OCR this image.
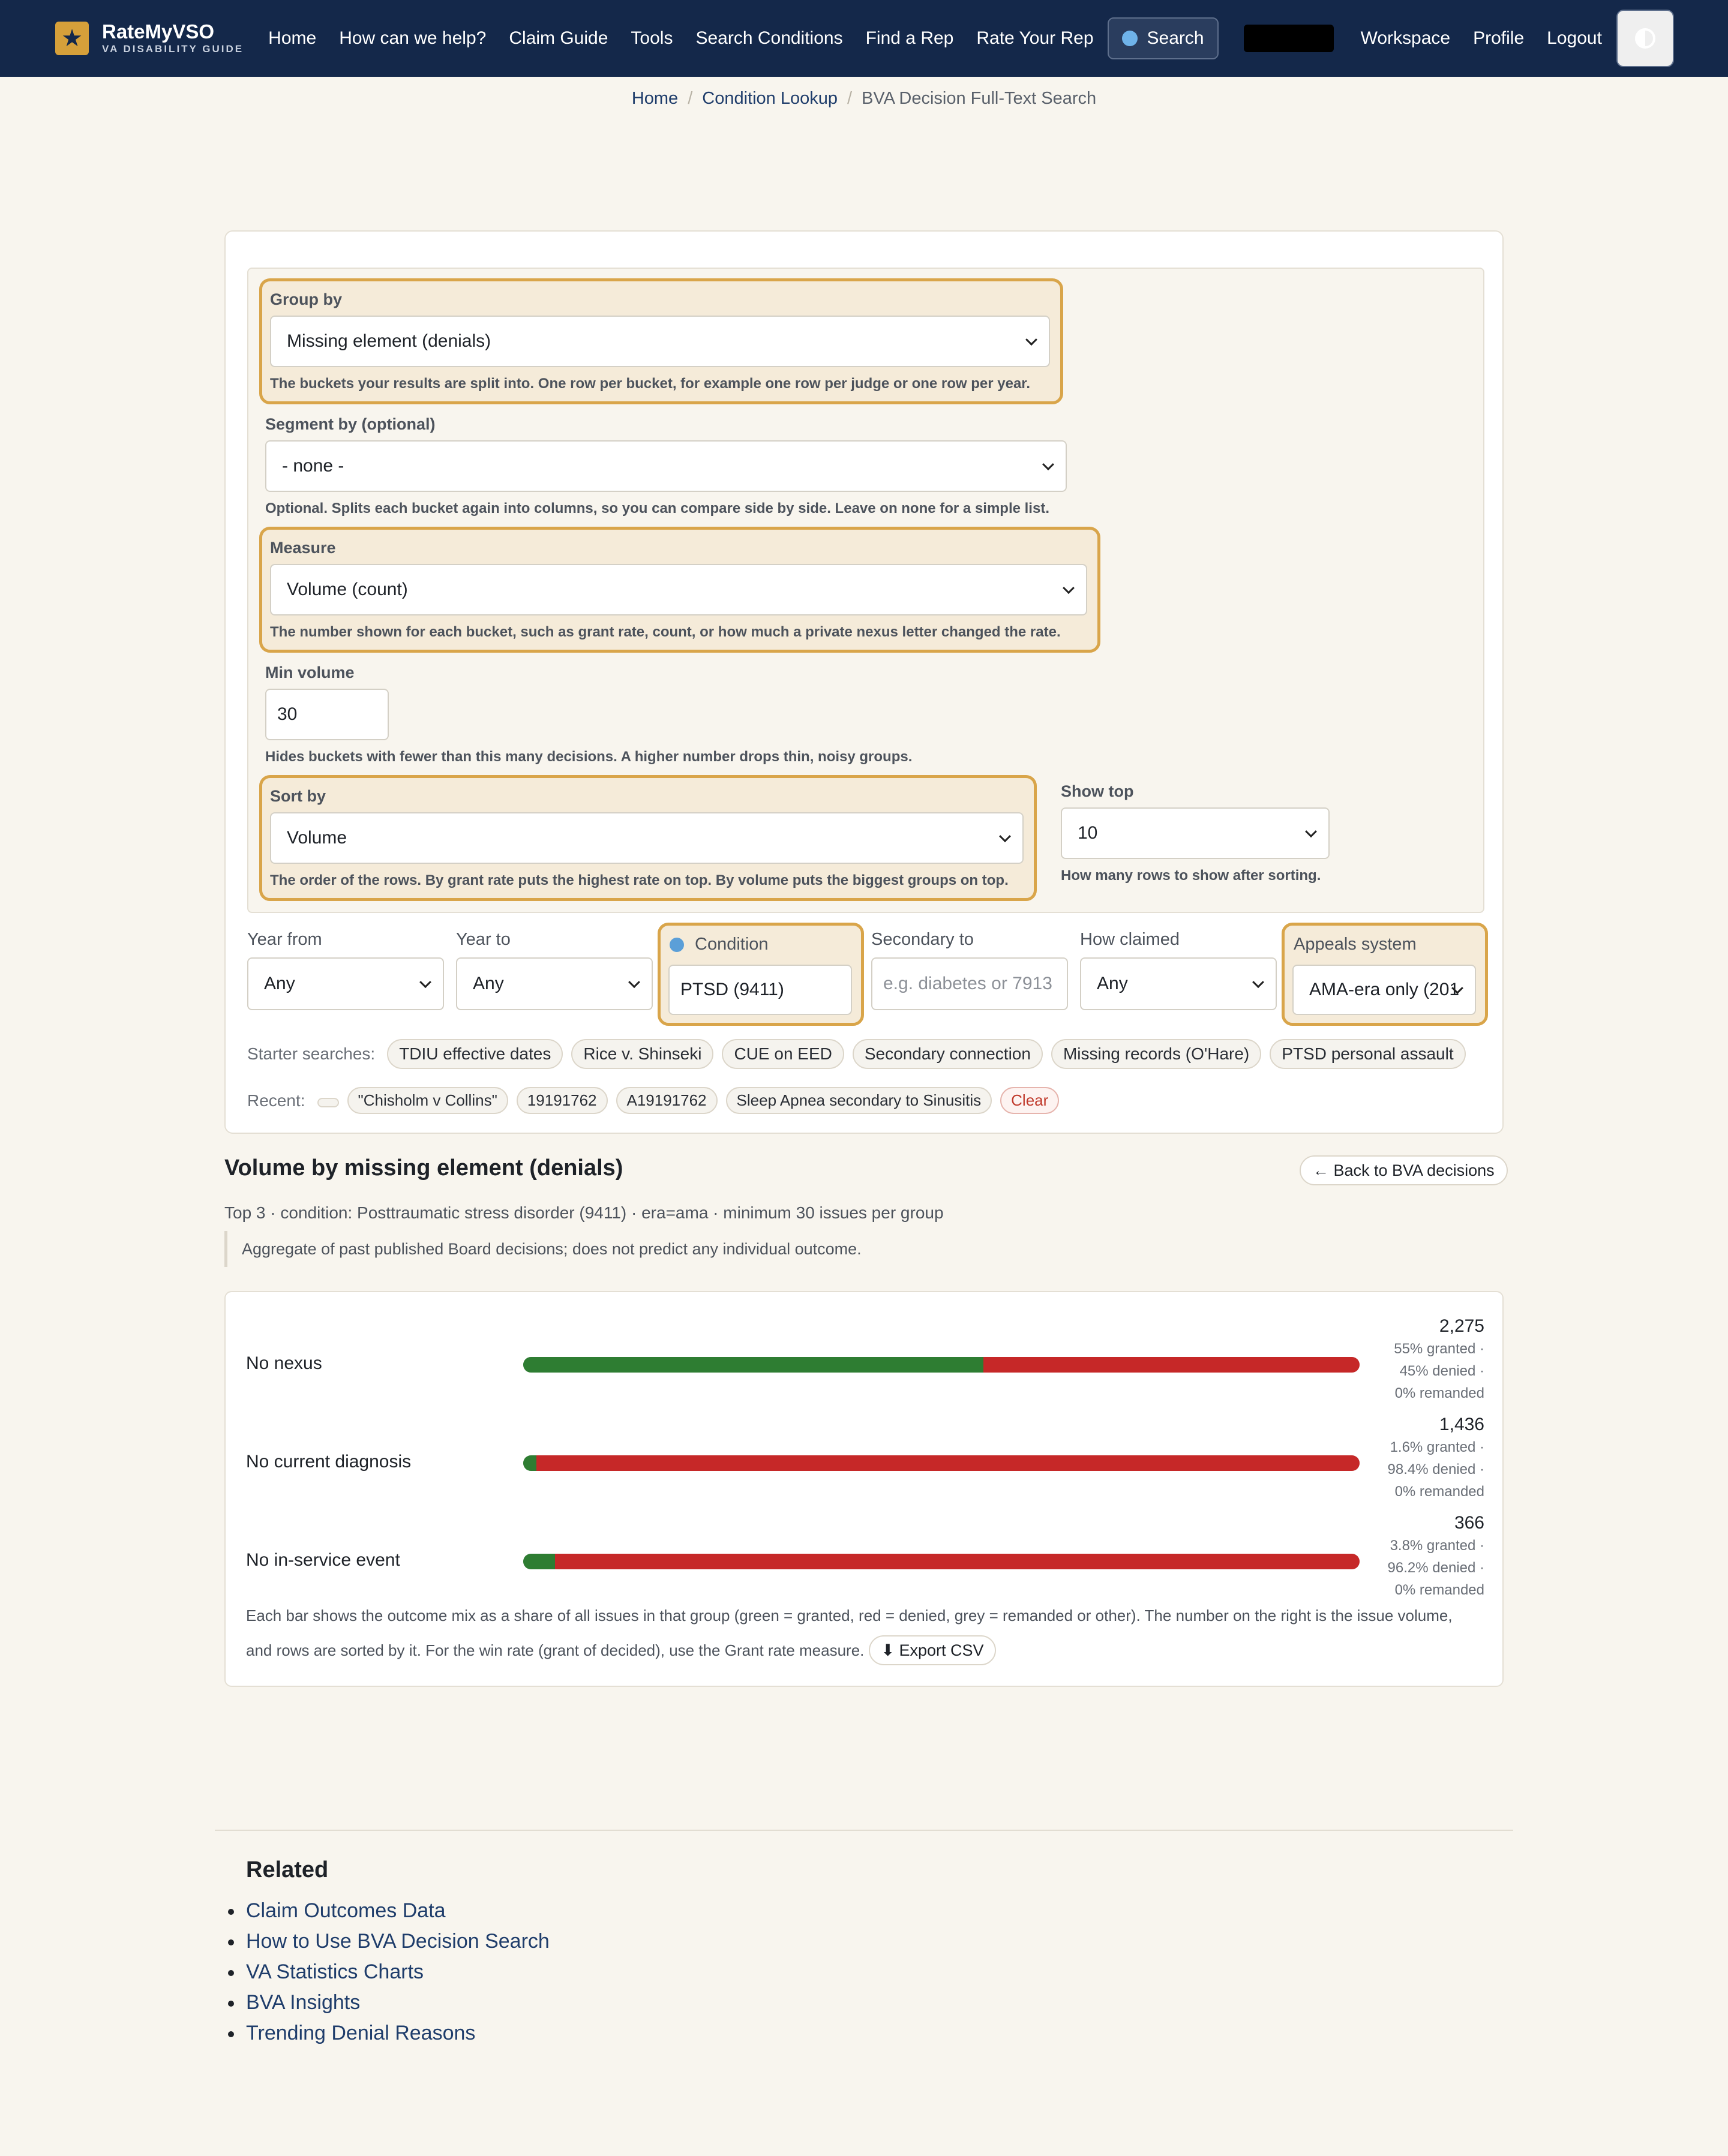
★ RateMyVSO
VA DISABILITY GUIDE
Home How can we help? Claim Guide Tools Search Conditions Find a Rep Rate Your Rep	Search	Workspace Profile Logout
Home / Condition Lookup / BVA Decision Full-Text Search
Group by
Missing element (denials)
The buckets your results are split into. One row per bucket, for example one row per judge or one row per year.
Segment by (optional)
- none -
Optional. Splits each bucket again into columns, so you can compare side by side. Leave on none for a simple list.
Measure
Volume (count)
The number shown for each bucket, such as grant rate, count, or how much a private nexus letter changed the rate.
Min volume
30
Hides buckets with fewer than this many decisions. A higher number drops thin, noisy groups.
Sort by
Volume
The order of the rows. By grant rate puts the highest rate on top. By volume puts the biggest groups on top.
Show top
10
How many rows to show after sorting.
Year from
Any
Year to
Any
Condition
PTSD (9411)
Secondary to
e.g. diabetes or 7913
How claimed
Any
Appeals system
AMA-era only (201
Starter searches:	TDIU effective dates	Rice v. Shinseki	CUE on EED	Secondary connection	Missing records (O'Hare)	PTSD personal assault
Recent:	"Chisholm v Collins"	19191762	A19191762	Sleep Apnea secondary to Sinusitis	Clear
Volume by missing element (denials)	← Back to BVA decisions

Top 3 · condition: Posttraumatic stress disorder (9411) · era=ama · minimum 30 issues per group

Aggregate of past published Board decisions; does not predict any individual outcome.
No nexus
2,275
55% granted ·
45% denied ·
0% remanded
No current diagnosis
1,436
1.6% granted ·
98.4% denied ·
0% remanded
No in-service event
366
3.8% granted ·
96.2% denied ·
0% remanded

Each bar shows the outcome mix as a share of all issues in that group (green = granted, red = denied, grey = remanded or other). The number on the right is the issue volume, and rows are sorted by it. For the win rate (grant of decided), use the Grant rate measure. ⬇ Export CSV

Related
Claim Outcomes Data
How to Use BVA Decision Search
VA Statistics Charts
BVA Insights
Trending Denial Reasons
